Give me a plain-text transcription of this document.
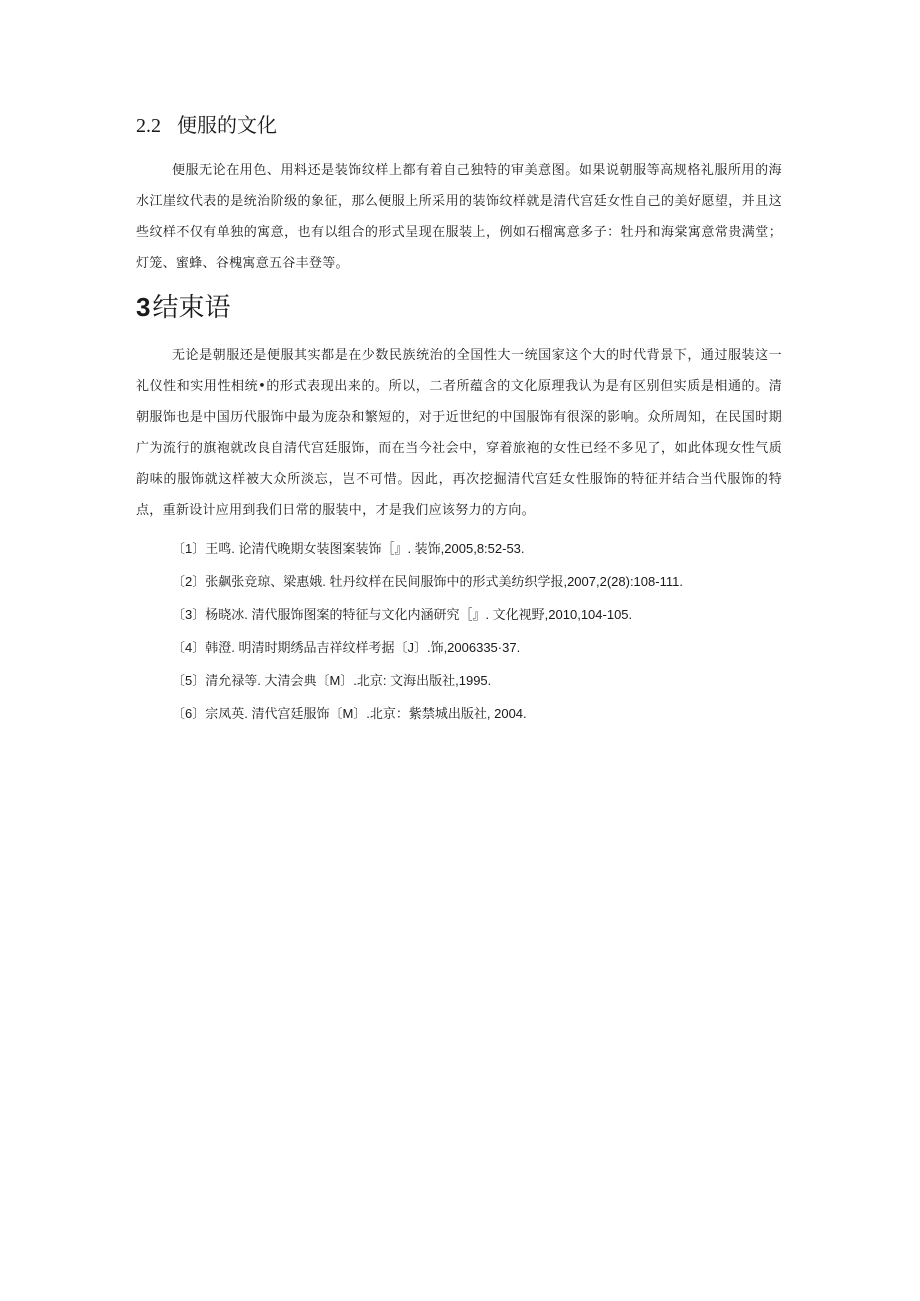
2.2 便服的文化

便服无论在用色、用料还是装饰纹样上都有着自己独特的审美意图。如果说朝服等高规格礼服所用的海水江崖纹代表的是统治阶级的象征，那么便服上所采用的装饰纹样就是清代宫廷女性自己的美好愿望，并且这些纹样不仅有单独的寓意，也有以组合的形式呈现在服装上，例如石榴寓意多子：牡丹和海棠寓意常贵满堂；灯笼、蜜蜂、谷槐寓意五谷丰登等。

3结束语

无论是朝服还是便服其实都是在少数民族统治的全国性大一统国家这个大的时代背景下，通过服装这一礼仪性和实用性相统•的形式表现出来的。所以，二者所蕴含的文化原理我认为是有区别但实质是相通的。清朝服饰也是中国历代服饰中最为庞杂和繁短的，对于近世纪的中国服饰有很深的影响。众所周知，在民国时期广为流行的旗袍就改良自清代宫廷服饰，而在当今社会中，穿着旅袍的女性已经不多见了，如此体现女性气质韵味的服饰就这样被大众所淡忘，岂不可惜。因此，再次挖掘清代宫廷女性服饰的特征并结合当代服饰的特点，重新设计应用到我们日常的服装中，才是我们应该努力的方向。

〔1〕王鸣. 论清代晚期女装图案装饰［』. 装饰,2005,8:52-53.
〔2〕张飙张竞琼、梁惠娥. 牡丹纹样在民间服饰中的形式美纺织学报,2007,2(28):108-111.
〔3〕杨晓冰. 清代服饰图案的特征与文化内涵研究［』. 文化视野,2010,104-105.
〔4〕韩澄. 明清时期绣品吉祥纹样考据〔J〕.饰,2006335·37.
〔5〕清允禄等. 大清会典〔M〕.北京: 文海出版社,1995.
〔6〕宗凤英. 清代宫廷服饰〔M〕.北京：紫禁城出版社, 2004.
